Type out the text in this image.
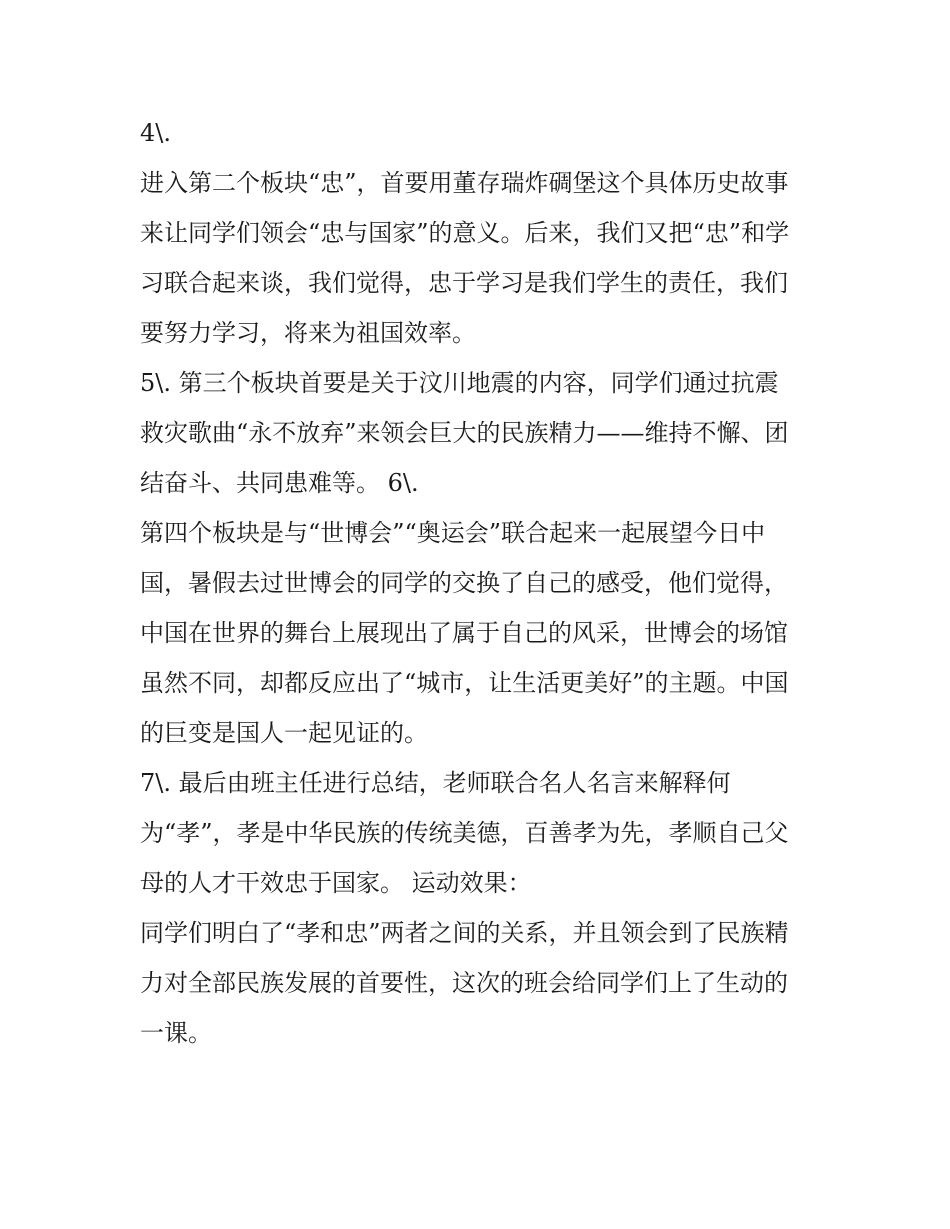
4\.
进入第二个板块“忠”，首要用董存瑞炸碉堡这个具体历史故事
来让同学们领会“忠与国家”的意义。后来，我们又把“忠”和学
习联合起来谈，我们觉得，忠于学习是我们学生的责任，我们
要努力学习，将来为祖国效率。
5\. 第三个板块首要是关于汶川地震的内容，同学们通过抗震
救灾歌曲“永不放弃”来领会巨大的民族精力——维持不懈、团
结奋斗、共同患难等。 6\.
第四个板块是与“世博会”“奥运会”联合起来一起展望今日中
国，暑假去过世博会的同学的交换了自己的感受，他们觉得，
中国在世界的舞台上展现出了属于自己的风采，世博会的场馆
虽然不同，却都反应出了“城市，让生活更美好”的主题。中国
的巨变是国人一起见证的。
7\. 最后由班主任进行总结，老师联合名人名言来解释何
为“孝”，孝是中华民族的传统美德，百善孝为先，孝顺自己父
母的人才干效忠于国家。 运动效果：
同学们明白了“孝和忠”两者之间的关系，并且领会到了民族精
力对全部民族发展的首要性，这次的班会给同学们上了生动的
一课。
